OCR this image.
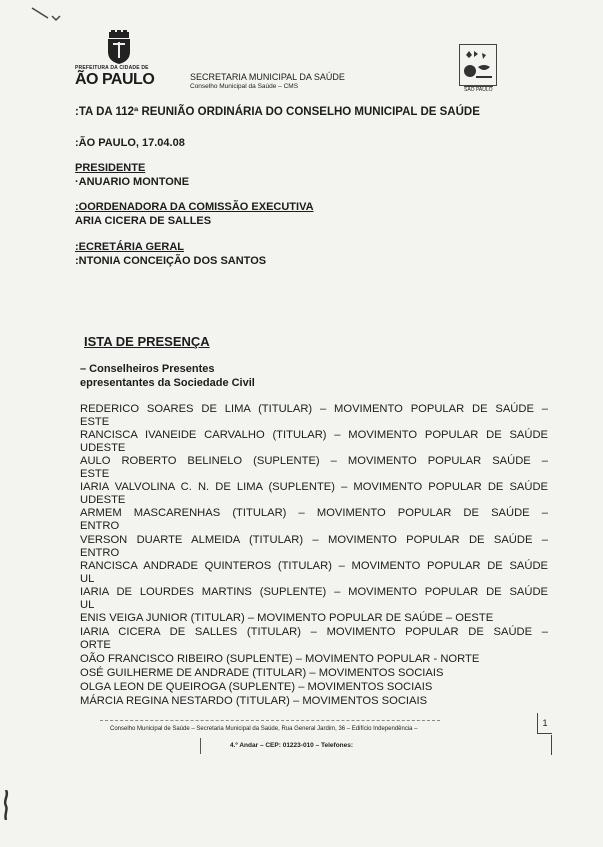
PREFEITURA DA CIDADE DE
ÃO PAULO	SECRETARIA MUNICIPAL DA SAÚDE
Conselho Municipal da Saúde – CMS	SÃO PAULO
:TA DA 112ª REUNIÃO ORDINÁRIA DO CONSELHO MUNICIPAL DE SAÚDE
:ÃO PAULO, 17.04.08
PRESIDENTE
·ANUARIO MONTONE
:OORDENADORA DA COMISSÃO EXECUTIVA
ARIA CICERA DE SALLES
:ECRETÁRIA GERAL
:NTONIA CONCEIÇÃO DOS SANTOS
ISTA DE PRESENÇA
– Conselheiros Presentes
epresentantes da Sociedade Civil
REDERICO SOARES DE LIMA (TITULAR) – MOVIMENTO POPULAR DE SAÚDE –
ESTE
RANCISCA IVANEIDE CARVALHO (TITULAR) – MOVIMENTO POPULAR DE SAÚDE
UDESTE
AULO ROBERTO BELINELO (SUPLENTE) – MOVIMENTO POPULAR SAÚDE –
ESTE
IARIA VALVOLINA C. N. DE LIMA (SUPLENTE) – MOVIMENTO POPULAR DE SAÚDE
UDESTE
ARMEM MASCARENHAS (TITULAR) – MOVIMENTO POPULAR DE SAÚDE –
ENTRO
VERSON DUARTE ALMEIDA (TITULAR) – MOVIMENTO POPULAR DE SAÚDE –
ENTRO
RANCISCA ANDRADE QUINTEROS (TITULAR) – MOVIMENTO POPULAR DE SAÚDE
UL
IARIA DE LOURDES MARTINS (SUPLENTE) – MOVIMENTO POPULAR DE SAÚDE
UL
ENIS VEIGA JUNIOR (TITULAR) – MOVIMENTO POPULAR DE SAÚDE – OESTE
IARIA CICERA DE SALLES (TITULAR) – MOVIMENTO POPULAR DE SAÚDE –
ORTE
OÃO FRANCISCO RIBEIRO (SUPLENTE) – MOVIMENTO POPULAR - NORTE
OSÉ GUILHERME DE ANDRADE (TITULAR) – MOVIMENTOS SOCIAIS
OLGA LEON DE QUEIROGA (SUPLENTE) – MOVIMENTOS SOCIAIS
MÁRCIA REGINA NESTARDO (TITULAR) – MOVIMENTOS SOCIAIS
Conselho Municipal de Saúde – Secretaria Municipal da Saúde, Rua General Jardim, 36 – Edifício Independência –
4.º Andar – CEP: 01223-010 – Telefones:
1
